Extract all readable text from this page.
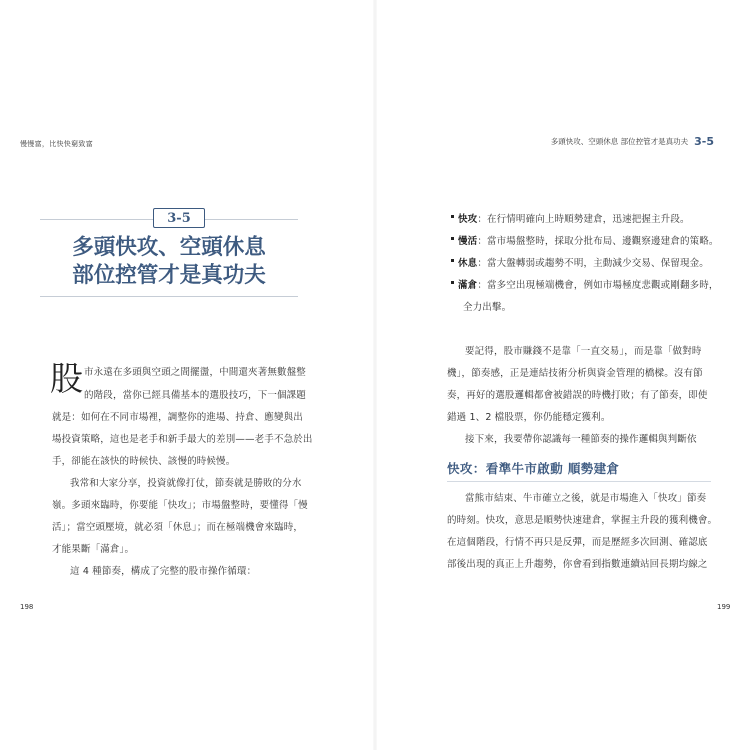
慢慢富，比快快窮致富
3-5
多頭快攻、空頭休息
部位控管才是真功夫
股 市永遠在多頭與空頭之間擺盪，中間還夾著無數盤整
的階段，當你已經具備基本的選股技巧，下一個課題
就是：如何在不同市場裡，調整你的進場、持倉、應變與出
場投資策略，這也是老手和新手最大的差別——老手不急於出
手，卻能在該快的時候快、該慢的時候慢。
我常和大家分享，投資就像打仗，節奏就是勝敗的分水
嶺。多頭來臨時，你要能「快攻」；市場盤整時，要懂得「慢
活」；當空頭壓境，就必須「休息」；而在極端機會來臨時，
才能果斷「滿倉」。
這 4 種節奏，構成了完整的股市操作循環：
198
多頭快攻、空頭休息 部位控管才是真功夫 3-5
快攻：在行情明確向上時順勢建倉，迅速把握主升段。
慢活：當市場盤整時，採取分批布局、邊觀察邊建倉的策略。
休息：當大盤轉弱或趨勢不明，主動減少交易、保留現金。
滿倉：當多空出現極端機會，例如市場極度悲觀或剛翻多時，
全力出擊。
要記得，股市賺錢不是靠「一直交易」，而是靠「做對時
機」，節奏感，正是連結技術分析與資金管理的橋樑。沒有節
奏，再好的選股邏輯都會被錯誤的時機打敗；有了節奏，即使
錯過 1、2 檔股票，你仍能穩定獲利。
接下來，我要帶你認識每一種節奏的操作邏輯與判斷依
快攻：看準牛市啟動 順勢建倉
當熊市結束、牛市確立之後，就是市場進入「快攻」節奏
的時刻。快攻，意思是順勢快速建倉，掌握主升段的獲利機會。
在這個階段，行情不再只是反彈，而是歷經多次回測、確認底
部後出現的真正上升趨勢，你會看到指數連續站回長期均線之
199
